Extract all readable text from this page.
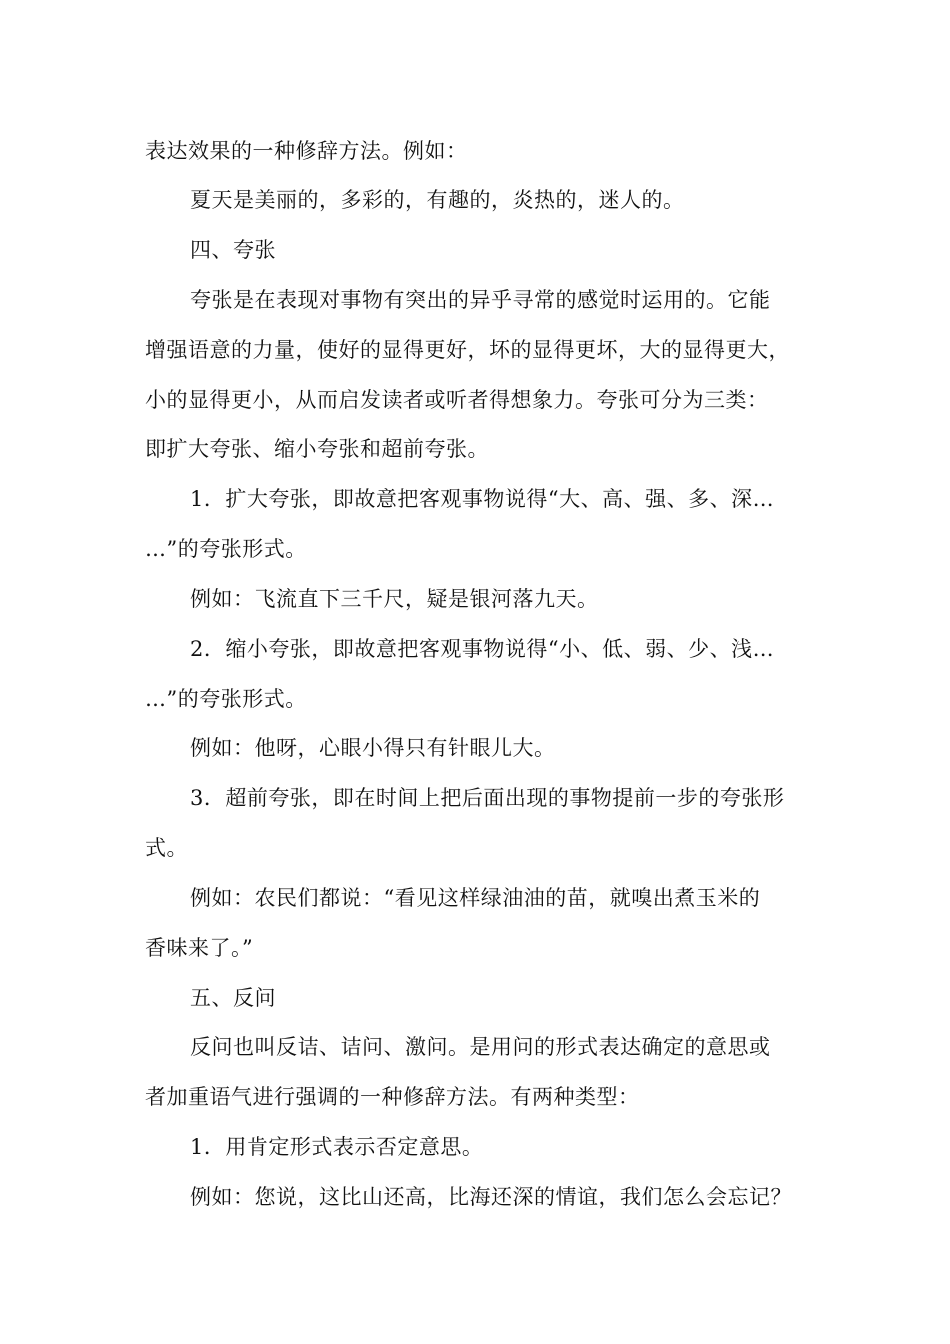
表达效果的一种修辞方法。例如：
夏天是美丽的，多彩的，有趣的，炎热的，迷人的。
四、夸张
夸张是在表现对事物有突出的异乎寻常的感觉时运用的。它能
增强语意的力量，使好的显得更好，坏的显得更坏，大的显得更大，
小的显得更小，从而启发读者或听者得想象力。夸张可分为三类：
即扩大夸张、缩小夸张和超前夸张。
1．扩大夸张，即故意把客观事物说得“大、高、强、多、深…
…”的夸张形式。
例如：飞流直下三千尺，疑是银河落九天。
2．缩小夸张，即故意把客观事物说得“小、低、弱、少、浅…
…”的夸张形式。
例如：他呀，心眼小得只有针眼儿大。
3．超前夸张，即在时间上把后面出现的事物提前一步的夸张形
式。
例如：农民们都说：“看见这样绿油油的苗，就嗅出煮玉米的
香味来了。”
五、反问
反问也叫反诘、诘问、激问。是用问的形式表达确定的意思或
者加重语气进行强调的一种修辞方法。有两种类型：
1．用肯定形式表示否定意思。
例如：您说，这比山还高，比海还深的情谊，我们怎么会忘记？
